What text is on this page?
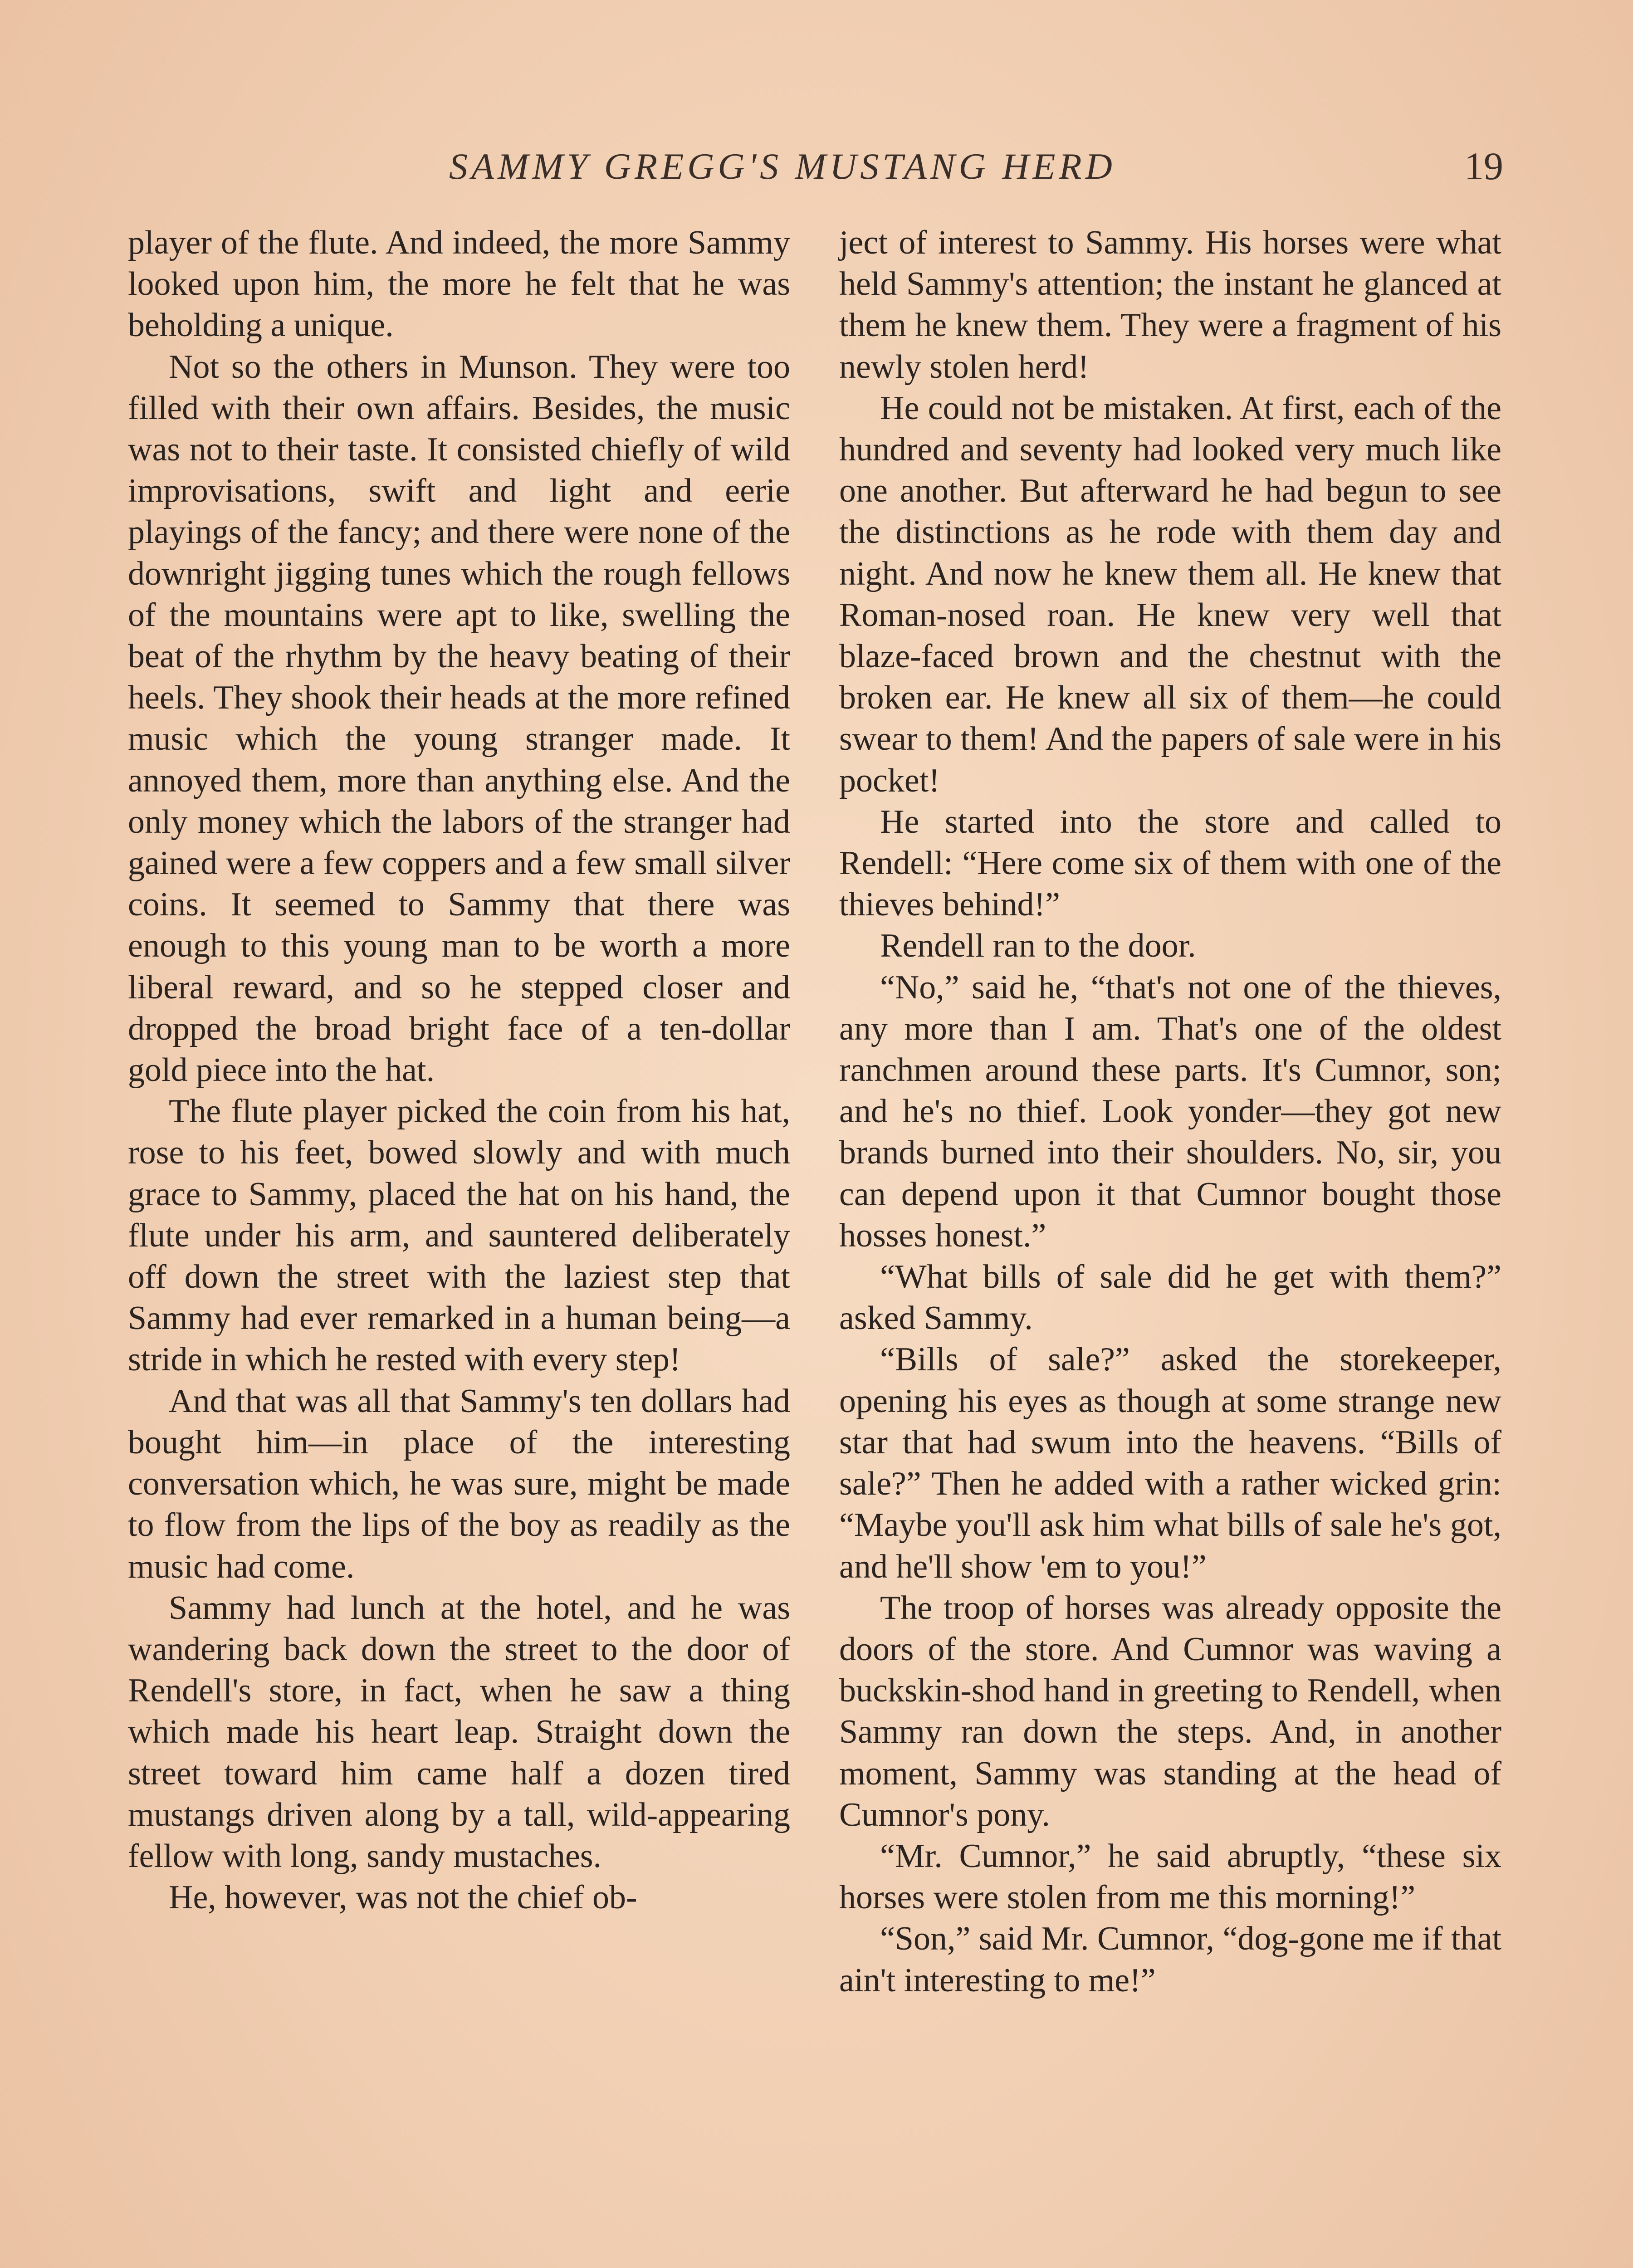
SAMMY GREGG'S MUSTANG HERD	19

player of the flute. And indeed, the more Sammy looked upon him, the more he felt that he was beholding a unique.

Not so the others in Munson. They were too filled with their own affairs. Besides, the music was not to their taste. It consisted chiefly of wild improvisations, swift and light and eerie playings of the fancy; and there were none of the downright jigging tunes which the rough fellows of the mountains were apt to like, swelling the beat of the rhythm by the heavy beating of their heels. They shook their heads at the more refined music which the young stranger made. It annoyed them, more than anything else. And the only money which the labors of the stranger had gained were a few coppers and a few small silver coins. It seemed to Sammy that there was enough to this young man to be worth a more liberal reward, and so he stepped closer and dropped the broad bright face of a ten-dollar gold piece into the hat.

The flute player picked the coin from his hat, rose to his feet, bowed slowly and with much grace to Sammy, placed the hat on his hand, the flute under his arm, and sauntered deliberately off down the street with the laziest step that Sammy had ever remarked in a human being—a stride in which he rested with every step!

And that was all that Sammy's ten dollars had bought him—in place of the interesting conversation which, he was sure, might be made to flow from the lips of the boy as readily as the music had come.

Sammy had lunch at the hotel, and he was wandering back down the street to the door of Rendell's store, in fact, when he saw a thing which made his heart leap. Straight down the street toward him came half a dozen tired mustangs driven along by a tall, wild-appearing fellow with long, sandy mustaches.

He, however, was not the chief ob-

ject of interest to Sammy. His horses were what held Sammy's attention; the instant he glanced at them he knew them. They were a fragment of his newly stolen herd!

He could not be mistaken. At first, each of the hundred and seventy had looked very much like one another. But afterward he had begun to see the distinctions as he rode with them day and night. And now he knew them all. He knew that Roman-nosed roan. He knew very well that blaze-faced brown and the chestnut with the broken ear. He knew all six of them—he could swear to them! And the papers of sale were in his pocket!

He started into the store and called to Rendell: “Here come six of them with one of the thieves behind!”

Rendell ran to the door.

“No,” said he, “that's not one of the thieves, any more than I am. That's one of the oldest ranchmen around these parts. It's Cumnor, son; and he's no thief. Look yonder—they got new brands burned into their shoulders. No, sir, you can depend upon it that Cumnor bought those hosses honest.”

“What bills of sale did he get with them?” asked Sammy.

“Bills of sale?” asked the storekeeper, opening his eyes as though at some strange new star that had swum into the heavens. “Bills of sale?” Then he added with a rather wicked grin: “Maybe you'll ask him what bills of sale he's got, and he'll show 'em to you!”

The troop of horses was already opposite the doors of the store. And Cumnor was waving a buckskin-shod hand in greeting to Rendell, when Sammy ran down the steps. And, in another moment, Sammy was standing at the head of Cumnor's pony.

“Mr. Cumnor,” he said abruptly, “these six horses were stolen from me this morning!”

“Son,” said Mr. Cumnor, “dog-gone me if that ain't interesting to me!”
